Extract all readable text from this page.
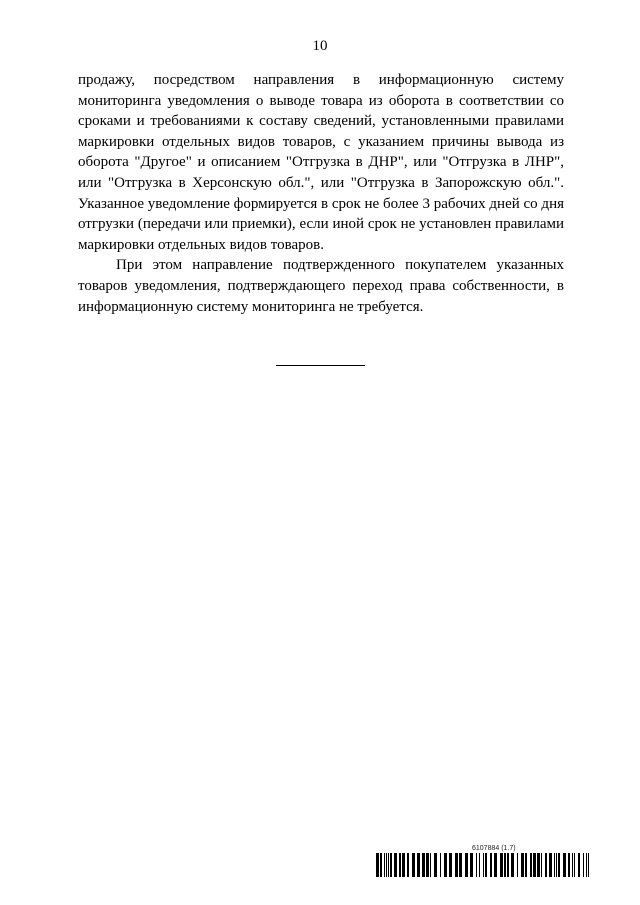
10

продажу, посредством направления в информационную систему мониторинга уведомления о выводе товара из оборота в соответствии со сроками и требованиями к составу сведений, установленными правилами маркировки отдельных видов товаров, с указанием причины вывода из оборота "Другое" и описанием "Отгрузка в ДНР", или "Отгрузка в ЛНР", или "Отгрузка в Херсонскую обл.", или "Отгрузка в Запорожскую обл.". Указанное уведомление формируется в срок не более 3 рабочих дней со дня отгрузки (передачи или приемки), если иной срок не установлен правилами маркировки отдельных видов товаров.

При этом направление подтвержденного покупателем указанных товаров уведомления, подтверждающего переход права собственности, в информационную систему мониторинга не требуется.

6107884 (1.7)
